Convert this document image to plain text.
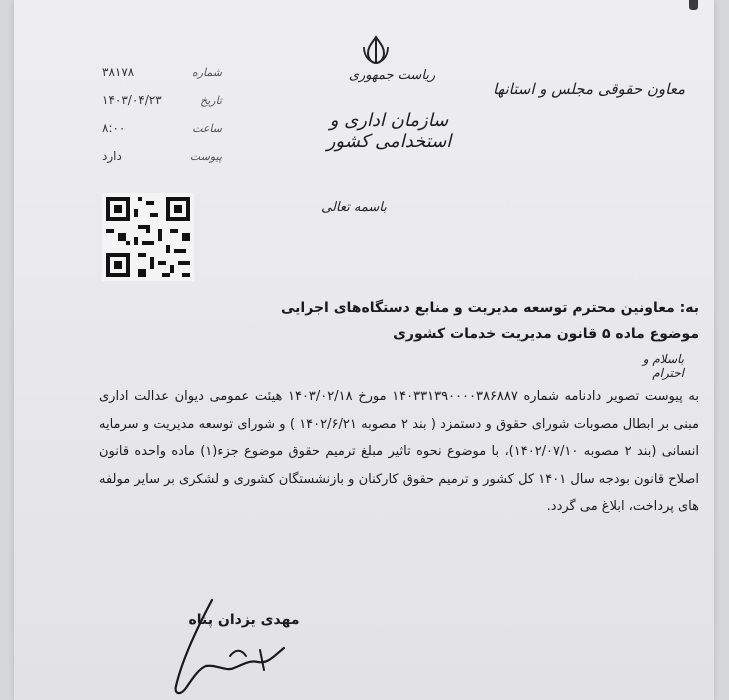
ریاست جمهوری
سازمان اداری و استخدامی کشور
معاون حقوقی مجلس و استانها
۳۸۱۷۸	شماره
۱۴۰۳/۰۴/۲۳	تاریخ
۸:۰۰	ساعت
دارد	پیوست
باسمه تعالی
به: معاونین محترم توسعه مدیریت و منابع دستگاه‌های اجرایی موضوع ماده ۵ قانون مدیریت خدمات کشوری
باسلام و احترام
به پیوست تصویر دادنامه شماره ۱۴۰۳۳۱۳۹۰۰۰۰۳۸۶۸۸۷ مورخ ۱۴۰۳/۰۲/۱۸ هیئت عمومی دیوان عدالت اداری مبنی بر ابطال مصوبات شورای حقوق و دستمزد ( بند ۲ مصوبه ۱۴۰۲/۶/۲۱ ) و شورای توسعه مدیریت و سرمایه انسانی (بند ۲ مصوبه ۱۴۰۲/۰۷/۱۰)، با موضوع نحوه تاثیر مبلغ ترمیم حقوق موضوع جزء(۱) ماده واحده قانون اصلاح قانون بودجه سال ۱۴۰۱ کل کشور و ترمیم حقوق کارکنان و بازنشستگان کشوری و لشکری بر سایر مولفه های پرداخت، ابلاغ می گردد.
مهدی یزدان پناه
